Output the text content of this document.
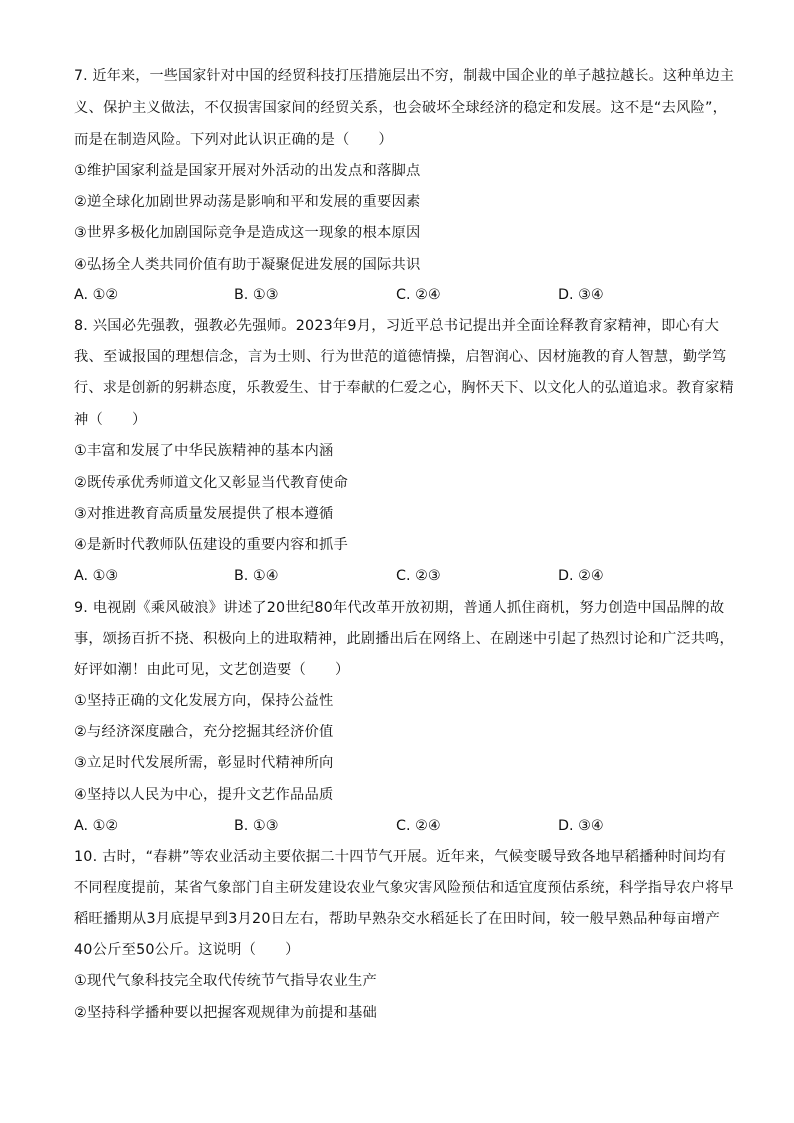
7. 近年来，一些国家针对中国的经贸科技打压措施层出不穷，制裁中国企业的单子越拉越长。这种单边主
义、保护主义做法，不仅损害国家间的经贸关系，也会破坏全球经济的稳定和发展。这不是“去风险”，
而是在制造风险。下列对此认识正确的是（　　）
①维护国家利益是国家开展对外活动的出发点和落脚点
②逆全球化加剧世界动荡是影响和平和发展的重要因素
③世界多极化加剧国际竞争是造成这一现象的根本原因
④弘扬全人类共同价值有助于凝聚促进发展的国际共识
A. ①②	B. ①③	C. ②④	D. ③④
8. 兴国必先强教，强教必先强师。2023年9月，习近平总书记提出并全面诠释教育家精神，即心有大
我、至诚报国的理想信念，言为士则、行为世范的道德情操，启智润心、因材施教的育人智慧，勤学笃
行、求是创新的躬耕态度，乐教爱生、甘于奉献的仁爱之心，胸怀天下、以文化人的弘道追求。教育家精
神（　　）
①丰富和发展了中华民族精神的基本内涵
②既传承优秀师道文化又彰显当代教育使命
③对推进教育高质量发展提供了根本遵循
④是新时代教师队伍建设的重要内容和抓手
A. ①③	B. ①④	C. ②③	D. ②④
9. 电视剧《乘风破浪》讲述了20世纪80年代改革开放初期，普通人抓住商机，努力创造中国品牌的故
事，颂扬百折不挠、积极向上的进取精神，此剧播出后在网络上、在剧迷中引起了热烈讨论和广泛共鸣，
好评如潮！由此可见，文艺创造要（　　）
①坚持正确的文化发展方向，保持公益性
②与经济深度融合，充分挖掘其经济价值
③立足时代发展所需，彰显时代精神所向
④坚持以人民为中心，提升文艺作品品质
A. ①②	B. ①③	C. ②④	D. ③④
10. 古时，“春耕”等农业活动主要依据二十四节气开展。近年来，气候变暖导致各地早稻播种时间均有
不同程度提前，某省气象部门自主研发建设农业气象灾害风险预估和适宜度预估系统，科学指导农户将早
稻旺播期从3月底提早到3月20日左右，帮助早熟杂交水稻延长了在田时间，较一般早熟品种每亩增产
40公斤至50公斤。这说明（　　）
①现代气象科技完全取代传统节气指导农业生产
②坚持科学播种要以把握客观规律为前提和基础
